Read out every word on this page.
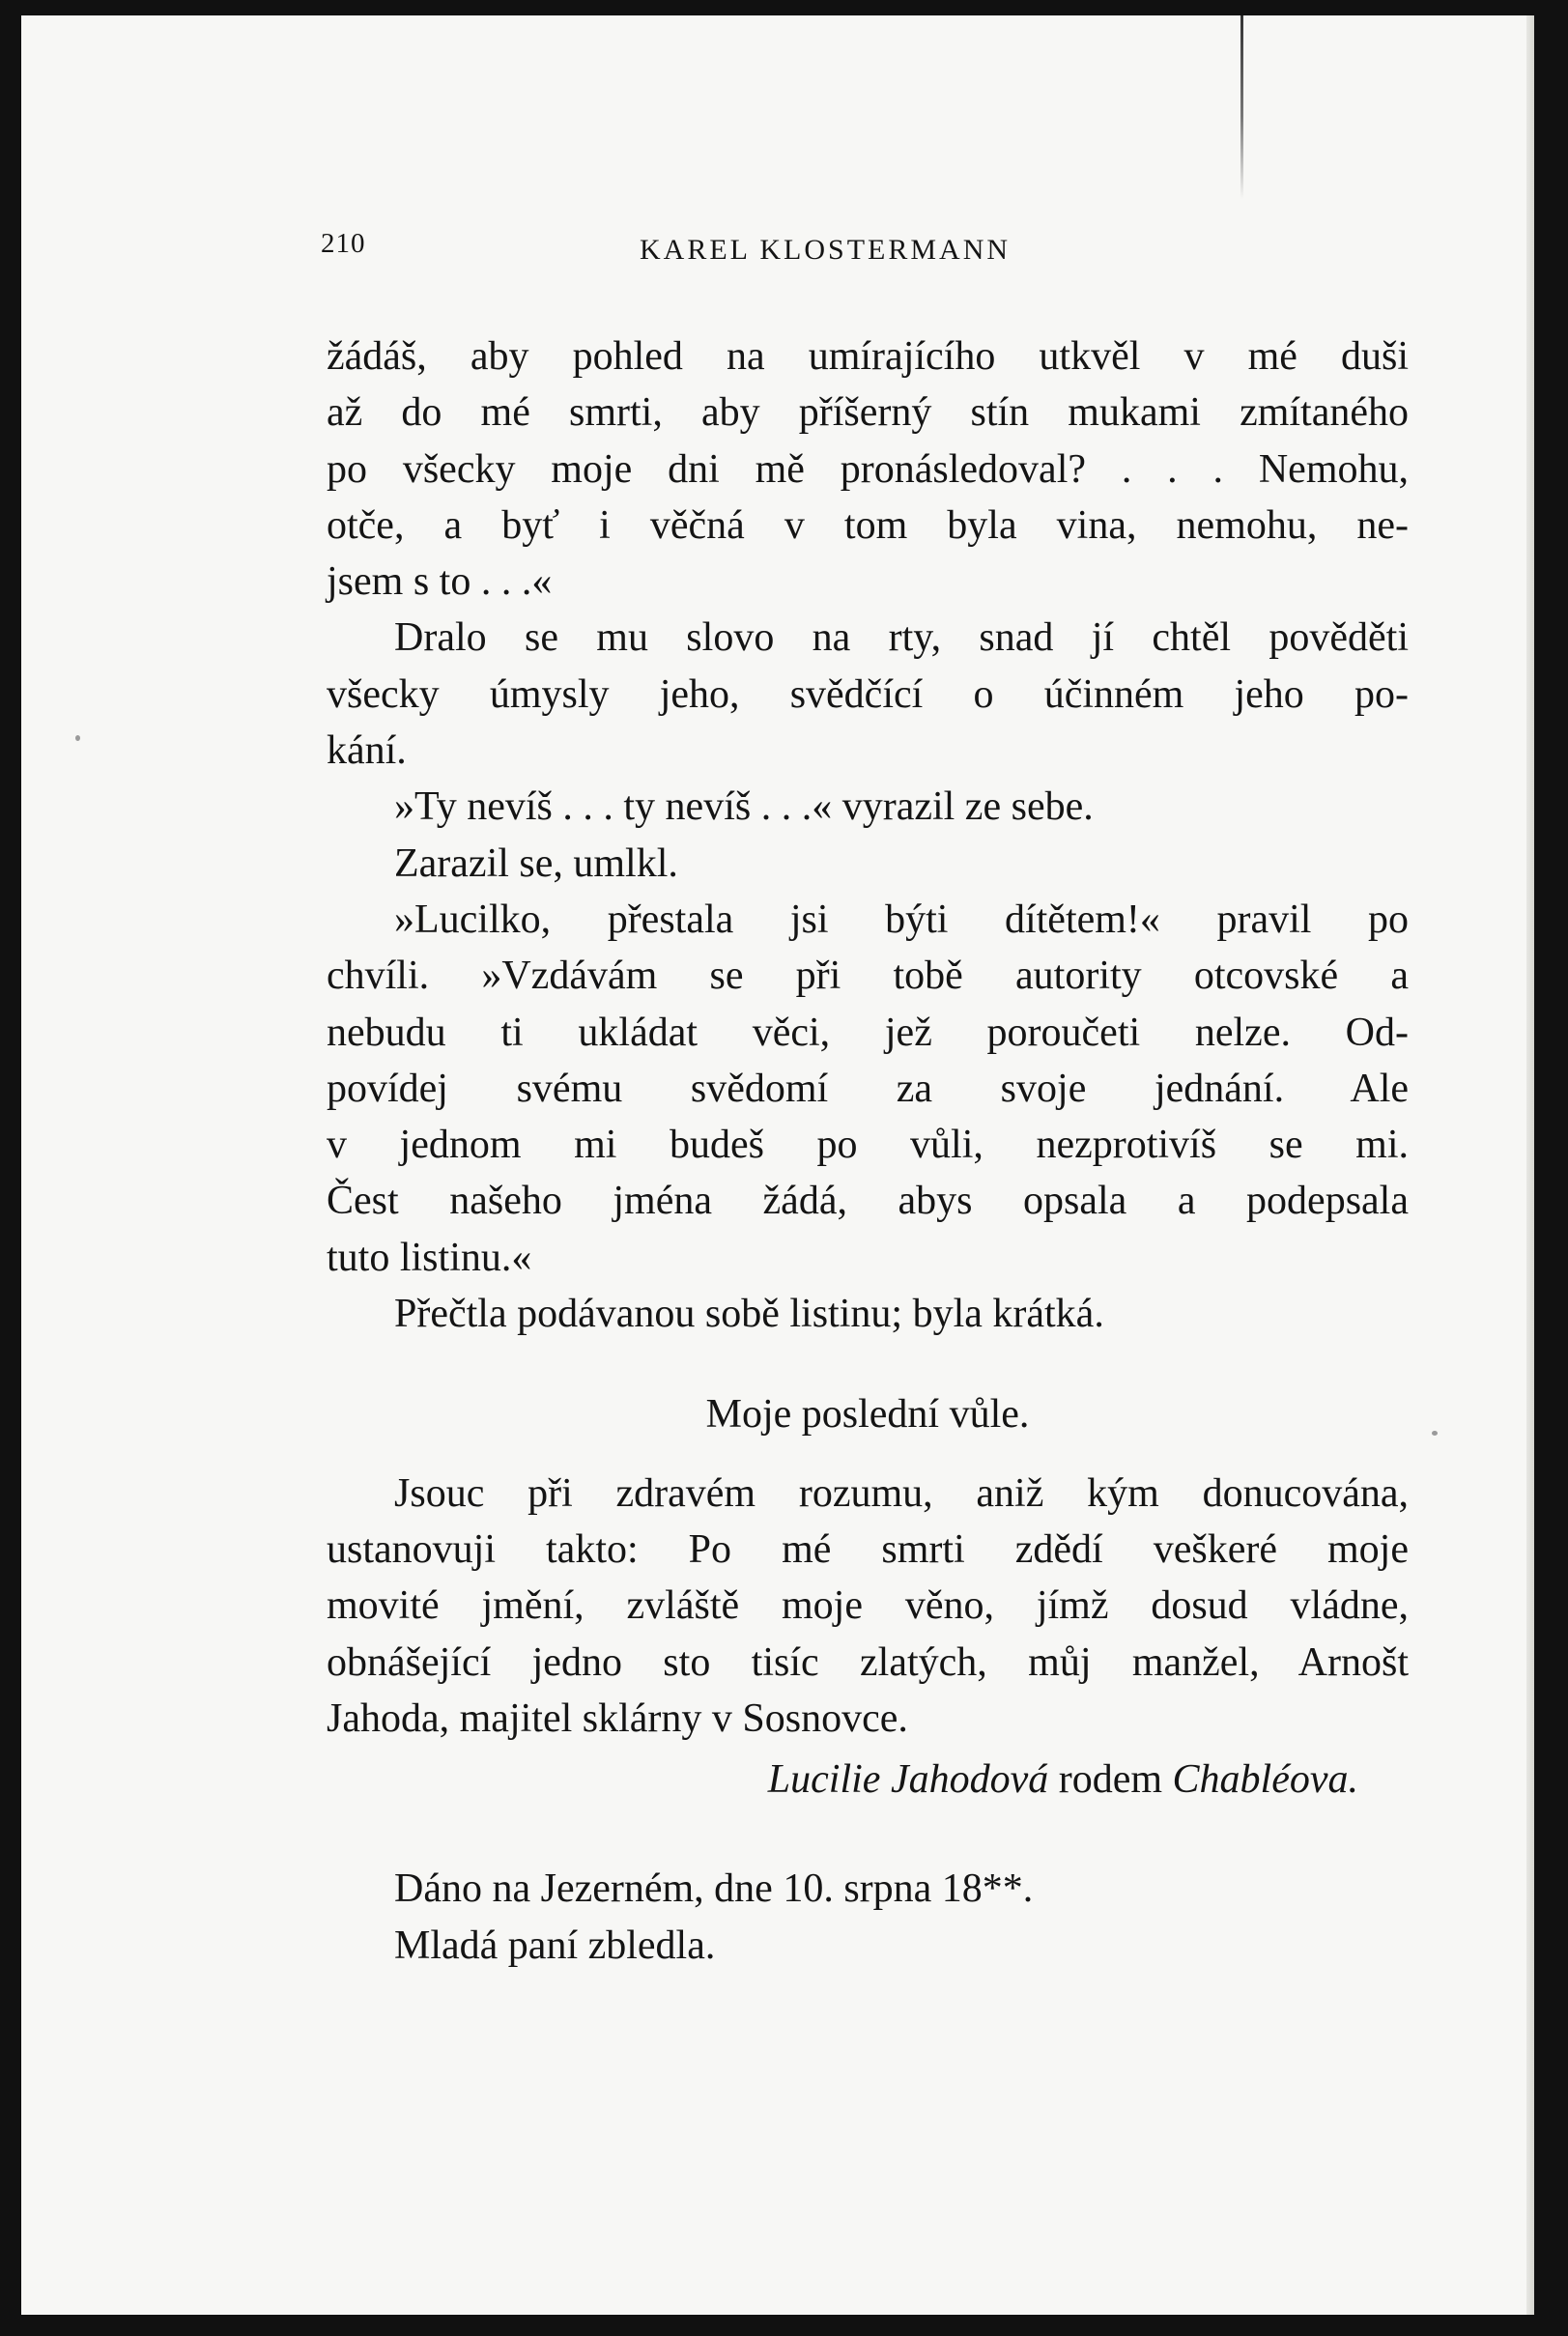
210	KAREL KLOSTERMANN
žádáš, aby pohled na umírajícího utkvěl v mé duši
až do mé smrti, aby příšerný stín mukami zmítaného
po všecky moje dni mě pronásledoval? . . . Nemohu,
otče, a byť i věčná v tom byla vina, nemohu, ne-
jsem s to . . .«
Dralo se mu slovo na rty, snad jí chtěl pověděti
všecky úmysly jeho, svědčící o účinném jeho po-
kání.
»Ty nevíš . . . ty nevíš . . .« vyrazil ze sebe.
Zarazil se, umlkl.
»Lucilko, přestala jsi býti dítětem!« pravil po
chvíli. »Vzdávám se při tobě autority otcovské a
nebudu ti ukládat věci, jež poroučeti nelze. Od-
povídej svému svědomí za svoje jednání. Ale
v jednom mi budeš po vůli, nezprotivíš se mi.
Čest našeho jména žádá, abys opsala a podepsala
tuto listinu.«
Přečtla podávanou sobě listinu; byla krátká.
Moje poslední vůle.
Jsouc při zdravém rozumu, aniž kým donucována,
ustanovuji takto: Po mé smrti zdědí veškeré moje
movité jmění, zvláště moje věno, jímž dosud vládne,
obnášející jedno sto tisíc zlatých, můj manžel, Arnošt
Jahoda, majitel sklárny v Sosnovce.
Lucilie Jahodová rodem Chabléova.
Dáno na Jezerném, dne 10. srpna 18**.
Mladá paní zbledla.
